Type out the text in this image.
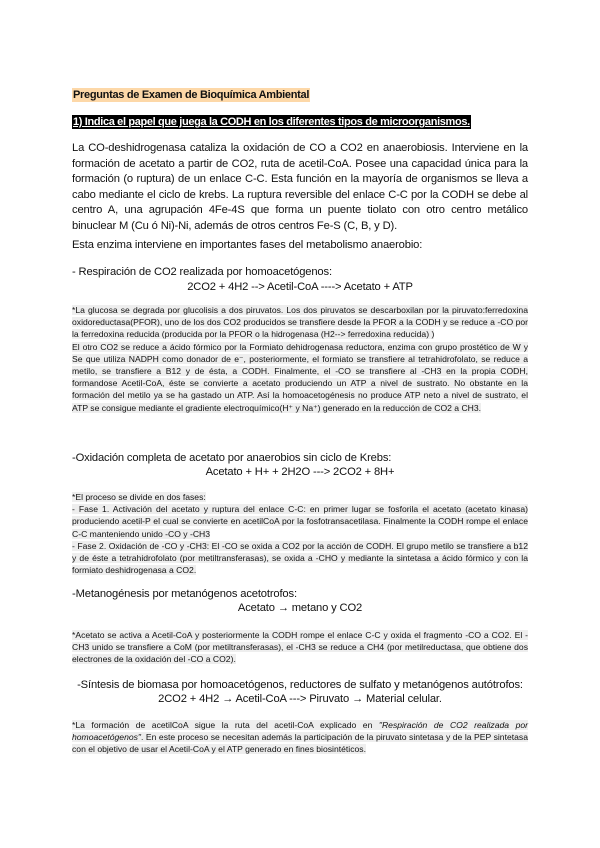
Preguntas de Examen de Bioquímica Ambiental
1) Indica el papel que juega la CODH en los diferentes tipos de microorganismos.
La CO-deshidrogenasa cataliza la oxidación de CO a CO2 en anaerobiosis. Interviene en la formación de acetato a partir de CO2, ruta de acetil-CoA. Posee una capacidad única para la formación (o ruptura) de un enlace C-C. Esta función en la mayoría de organismos se lleva a cabo mediante el ciclo de krebs. La ruptura reversible del enlace C-C por la CODH se debe al centro A, una agrupación 4Fe-4S que forma un puente tiolato con otro centro metálico binuclear M (Cu ó Ni)-Ni, además de otros centros Fe-S (C, B, y D).
Esta enzima interviene en importantes fases del metabolismo anaerobio:
- Respiración de CO2 realizada por homoacetógenos:
2CO2 + 4H2 --> Acetil-CoA ----> Acetato + ATP

*La glucosa se degrada por glucolisis a dos piruvatos. Los dos piruvatos se descarboxilan por la piruvato:ferredoxina oxidoreductasa(PFOR), uno de los dos CO2 producidos se transfiere desde la PFOR a la CODH y se reduce a -CO por la ferredoxina reducida (producida por la PFOR o la hidrogenasa (H2--> ferredoxina reducida) )

El otro CO2 se reduce a ácido fórmico por la Formiato dehidrogenasa reductora, enzima con grupo prostético de W y Se que utiliza NADPH como donador de e⁻, posteriormente, el formiato se transfiere al tetrahidrofolato, se reduce a metilo, se transfiere a B12 y de ésta, a CODH. Finalmente, el -CO se transfiere al -CH3 en la propia CODH, formandose Acetil-CoA, éste se convierte a acetato produciendo un ATP a nivel de sustrato. No obstante en la formación del metilo ya se ha gastado un ATP. Así la homoacetogénesis no produce ATP neto a nivel de sustrato, el ATP se consigue mediante el gradiente electroquímico(H⁺ y Na⁺) generado en la reducción de CO2 a CH3.

-Oxidación completa de acetato por anaerobios sin ciclo de Krebs:
Acetato + H+ + 2H2O ---> 2CO2 + 8H+

*El proceso se divide en dos fases:

- Fase 1. Activación del acetato y ruptura del enlace C-C: en primer lugar se fosforila el acetato (acetato kinasa) produciendo acetil-P el cual se convierte en acetilCoA por la fosfotransacetilasa. Finalmente la CODH rompe el enlace C-C manteniendo unido -CO y -CH3

- Fase 2. Oxidación de -CO y -CH3: El -CO se oxida a CO2 por la acción de CODH. El grupo metilo se transfiere a b12 y de éste a tetrahidrofolato (por metiltransferasas), se oxida a -CHO y mediante la sintetasa a ácido fórmico y con la formiato deshidrogenasa a CO2.

-Metanogénesis por metanógenos acetotrofos:
Acetato → metano y CO2

*Acetato se activa a Acetil-CoA y posteriormente la CODH rompe el enlace C-C y oxida el fragmento -CO a CO2. El -CH3 unido se transfiere a CoM (por metiltransferasas), el -CH3 se reduce a CH4 (por metilreductasa, que obtiene dos electrones de la oxidación del -CO a CO2).

-Síntesis de biomasa por homoacetógenos, reductores de sulfato y metanógenos autótrofos:
2CO2 + 4H2 → Acetil-CoA ---> Piruvato → Material celular.

*La formación de acetilCoA sigue la ruta del acetil-CoA explicado en "Respiración de CO2 realizada por homoacetógenos". En este proceso se necesitan además la participación de la piruvato sintetasa y de la PEP sintetasa con el objetivo de usar el Acetil-CoA y el ATP generado en fines biosintéticos.
